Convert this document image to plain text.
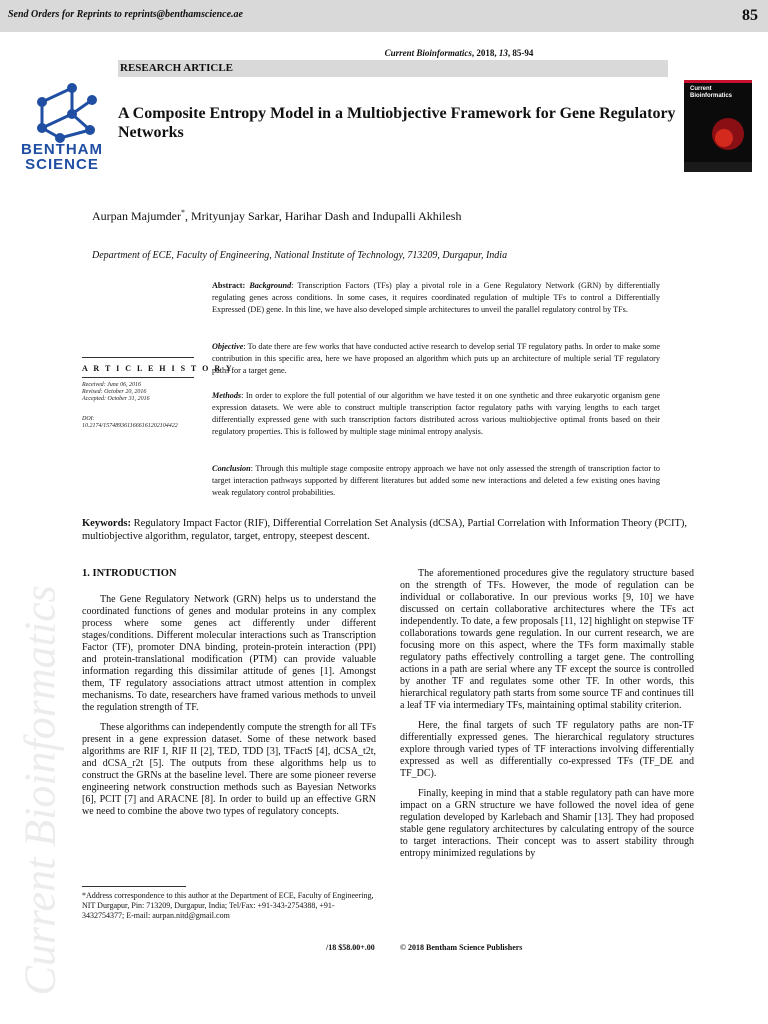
Send Orders for Reprints to reprints@benthamscience.ae	85
Current Bioinformatics, 2018, 13, 85-94
RESEARCH ARTICLE
BENTHAM
SCIENCE
A Composite Entropy Model in a Multiobjective Framework for Gene Regulatory Networks
Current
Bioinformatics
Aurpan Majumder*, Mrityunjay Sarkar, Harihar Dash and Indupalli Akhilesh
Department of ECE, Faculty of Engineering, National Institute of Technology, 713209, Durgapur, India
Abstract: Background: Transcription Factors (TFs) play a pivotal role in a Gene Regulatory Network (GRN) by differentially regulating genes across conditions. In some cases, it requires coordinated regulation of multiple TFs to control a Differentially Expressed (DE) gene. In this line, we have also developed simple architectures to unveil the parallel regulatory control by TFs.
Objective: To date there are few works that have conducted active research to develop serial TF regulatory paths. In order to make some contribution in this specific area, here we have proposed an algorithm which puts up an architecture of multiple serial TF regulatory paths for a target gene.
Methods: In order to explore the full potential of our algorithm we have tested it on one synthetic and three eukaryotic organism gene expression datasets. We were able to construct multiple transcription factor regulatory paths with varying lengths to each target differentially expressed gene with such transcription factors distributed across various multiobjective optimal fronts based on their regulatory properties. This is followed by multiple stage minimal entropy analysis.
Conclusion: Through this multiple stage composite entropy approach we have not only assessed the strength of transcription factor to target interaction pathways supported by different literatures but added some new interactions and deleted a few existing ones having weak regulatory control probabilities.
A R T I C L E H I S T O R Y
Received: June 06, 2016
Revised: October 20, 2016
Accepted: October 31, 2016
DOI:
10.2174/1574893611666161202104422
Keywords: Regulatory Impact Factor (RIF), Differential Correlation Set Analysis (dCSA), Partial Correlation with Information Theory (PCIT), multiobjective algorithm, regulator, target, entropy, steepest descent.
Current Bioinformatics
1. INTRODUCTION

The Gene Regulatory Network (GRN) helps us to understand the coordinated functions of genes and modular proteins in any complex process where some genes act differently under different stages/conditions. Different molecular interactions such as Transcription Factor (TF), promoter DNA binding, protein-protein interaction (PPI) and protein-translational modification (PTM) can provide valuable information regarding this dissimilar attitude of genes [1]. Amongst them, TF regulatory associations attract utmost attention in complex mechanisms. To date, researchers have framed various methods to unveil the regulation strength of TF.

These algorithms can independently compute the strength for all TFs present in a gene expression dataset. Some of these network based algorithms are RIF I, RIF II [2], TED, TDD [3], TFactS [4], dCSA_t2t, and dCSA_r2t [5]. The outputs from these algorithms help us to construct the GRNs at the baseline level. There are some pioneer reverse engineering network construction methods such as Bayesian Networks [6], PCIT [7] and ARACNE [8]. In order to build up an effective GRN we need to combine the above two types of regulatory concepts.

The aforementioned procedures give the regulatory structure based on the strength of TFs. However, the mode of regulation can be individual or collaborative. In our previous works [9, 10] we have discussed on certain collaborative architectures where the TFs act independently. To date, a few proposals [11, 12] highlight on stepwise TF collaborations towards gene regulation. In our current research, we are focusing more on this aspect, where the TFs form maximally stable regulatory paths effectively controlling a target gene. The controlling actions in a path are serial where any TF except the source is controlled by another TF and regulates some other TF. In other words, this hierarchical regulatory path starts from some source TF and continues till a leaf TF via intermediary TFs, maintaining optimal stability criterion.

Here, the final targets of such TF regulatory paths are non-TF differentially expressed genes. The hierarchical regulatory structures explore through varied types of TF interactions involving differentially expressed as well as differentially co-expressed TFs (TF_DE and TF_DC).

Finally, keeping in mind that a stable regulatory path can have more impact on a GRN structure we have followed the novel idea of gene regulation developed by Karlebach and Shamir [13]. They had proposed stable gene regulatory architectures by calculating entropy of the source to target interactions. Their concept was to assert stability through entropy minimized regulations by

*Address correspondence to this author at the Department of ECE, Faculty of Engineering, NIT Durgapur, Pin: 713209, Durgapur, India; Tel/Fax: +91-343-2754388, +91-3432754377; E-mail: aurpan.nitd@gmail.com
/18 $58.00+.00	© 2018 Bentham Science Publishers
